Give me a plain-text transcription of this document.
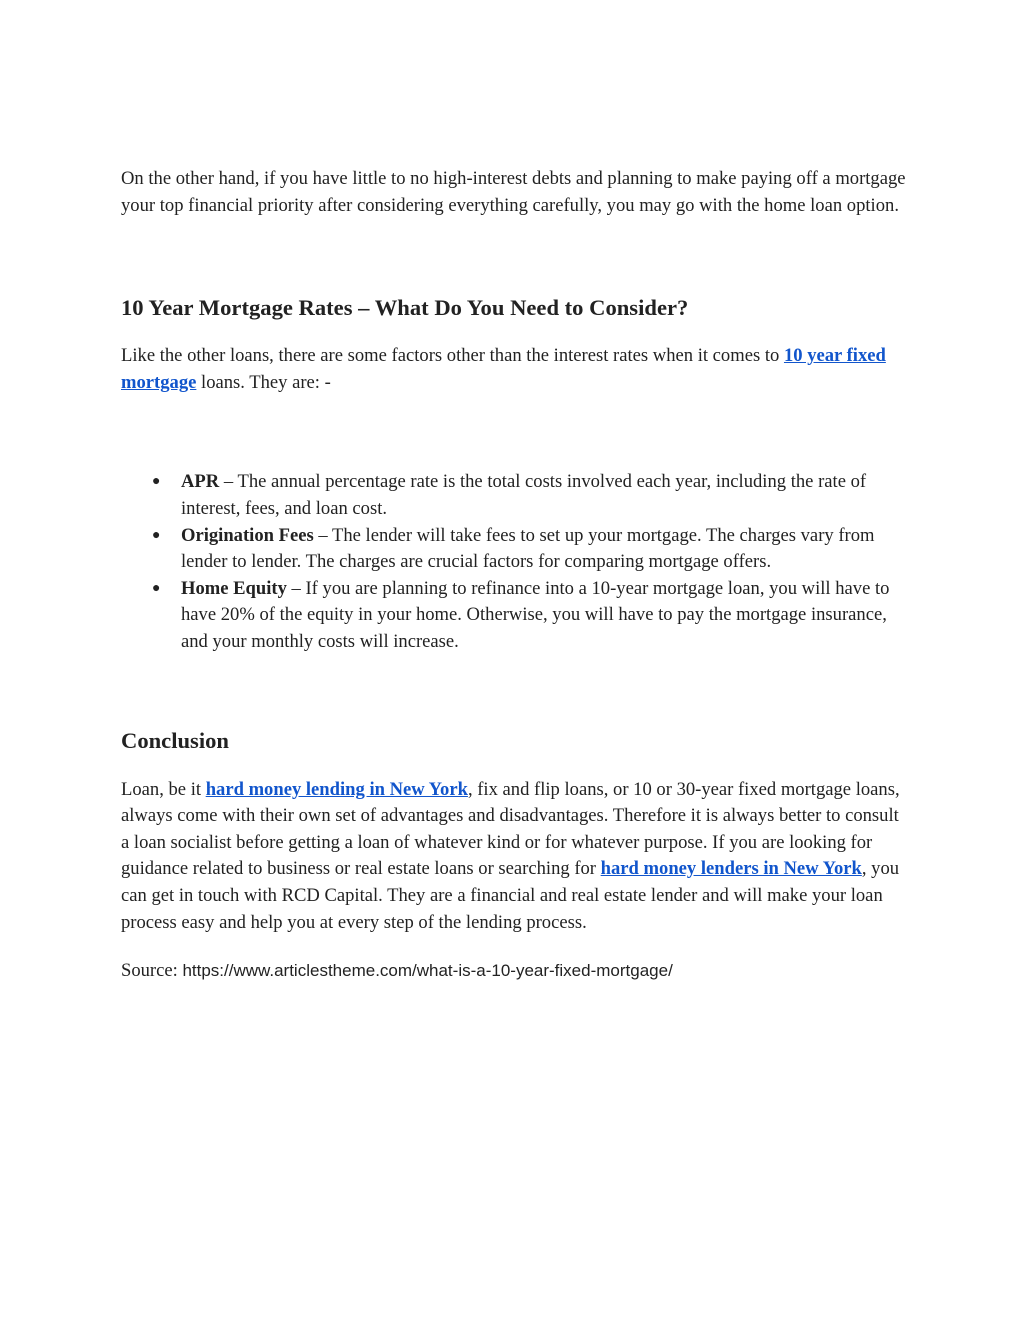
On the other hand, if you have little to no high-interest debts and planning to make paying off a mortgage your top financial priority after considering everything carefully, you may go with the home loan option.

10 Year Mortgage Rates – What Do You Need to Consider?

Like the other loans, there are some factors other than the interest rates when it comes to 10 year fixed mortgage loans. They are: -

● APR – The annual percentage rate is the total costs involved each year, including the rate of interest, fees, and loan cost.
● Origination Fees – The lender will take fees to set up your mortgage. The charges vary from lender to lender. The charges are crucial factors for comparing mortgage offers.
● Home Equity – If you are planning to refinance into a 10-year mortgage loan, you will have to have 20% of the equity in your home. Otherwise, you will have to pay the mortgage insurance, and your monthly costs will increase.
Conclusion

Loan, be it hard money lending in New York, fix and flip loans, or 10 or 30-year fixed mortgage loans, always come with their own set of advantages and disadvantages. Therefore it is always better to consult a loan socialist before getting a loan of whatever kind or for whatever purpose. If you are looking for guidance related to business or real estate loans or searching for hard money lenders in New York, you can get in touch with RCD Capital. They are a financial and real estate lender and will make your loan process easy and help you at every step of the lending process.

Source: https://www.articlestheme.com/what-is-a-10-year-fixed-mortgage/
